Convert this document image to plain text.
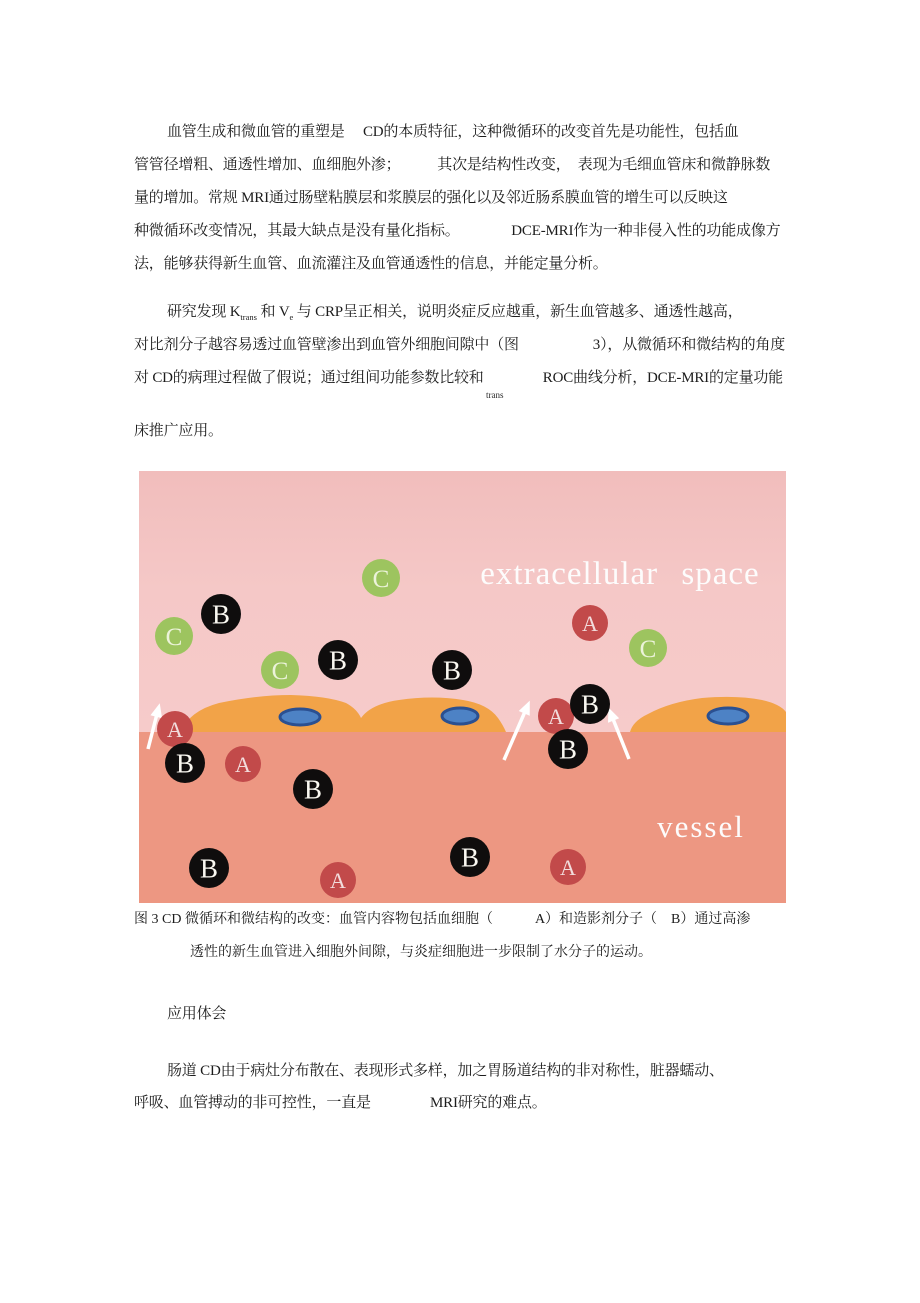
血管生成和微血管的重塑是　 CD的本质特征，这种微循环的改变首先是功能性，包括血
管管径增粗、通透性增加、血细胞外渗；　　　其次是结构性改变，　表现为毛细血管床和微静脉数
量的增加。常规 MRI通过肠壁粘膜层和浆膜层的强化以及邻近肠系膜血管的增生可以反映这
种微循环改变情况，其最大缺点是没有量化指标。　　　　DCE-MRI作为一种非侵入性的功能成像方
法，能够获得新生血管、血流灌注及血管通透性的信息，并能定量分析。
研究发现 $K_{trans}$ 和 $V_e$ 与 CRP呈正相关，说明炎症反应越重，新生血管越多、通透性越高，
对比剂分子越容易透过血管壁渗出到血管外细胞间隙中（图　　　　　3），从微循环和微结构的角度
对 CD的病理过程做了假说；通过组间功能参数比较和　　　　ROC曲线分析，DCE-MRI的定量功能
trans
床推广应用。
图 3 CD 微循环和微结构的改变：血管内容物包括血细胞（　　　A）和造影剂分子（　B）通过高渗
透性的新生血管进入细胞外间隙，与炎症细胞进一步限制了水分子的运动。
应用体会
肠道 CD由于病灶分布散在、表现形式多样，加之胃肠道结构的非对称性，脏器蠕动、
呼吸、血管搏动的非可控性，一直是　　　　MRI研究的难点。
C
B
C
C B	B
A
C
A
A B
B
B A
B
B	A
B	A
extracellular space
vessel
